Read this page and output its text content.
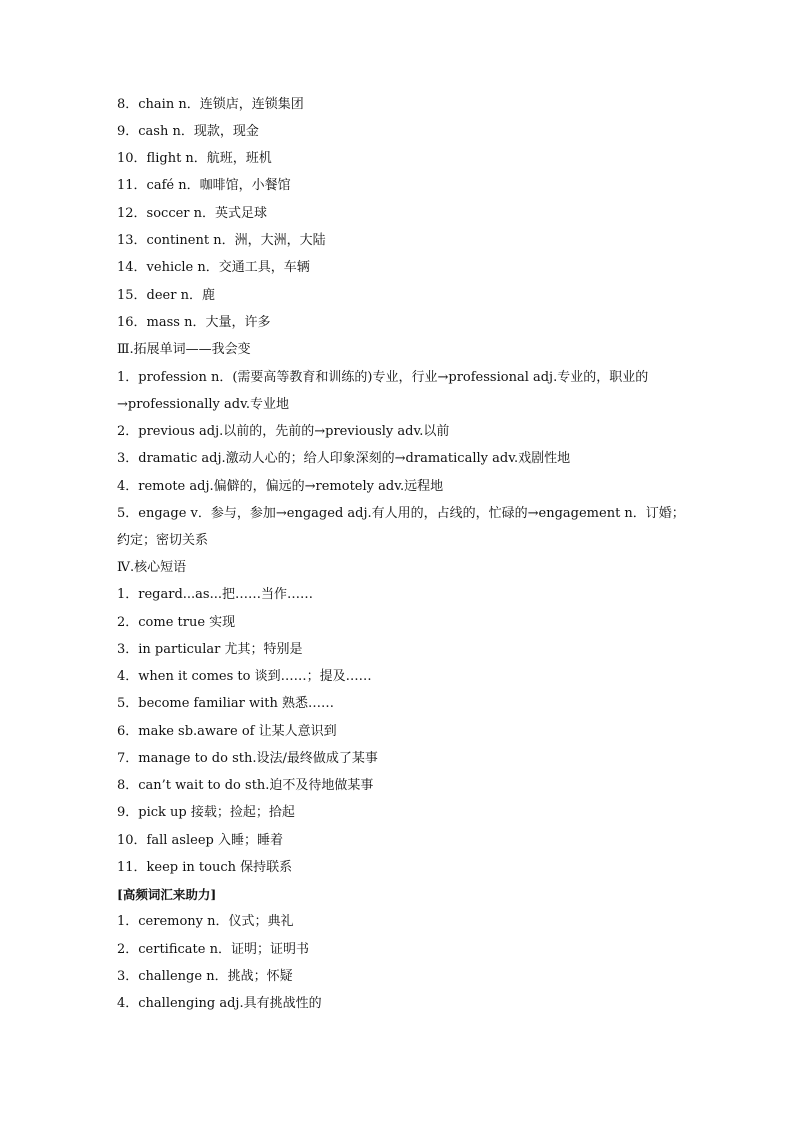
8．chain n．连锁店，连锁集团
9．cash n．现款，现金
10．flight n．航班，班机
11．café n．咖啡馆，小餐馆
12．soccer n．英式足球
13．continent n．洲，大洲，大陆
14．vehicle n．交通工具，车辆
15．deer n．鹿
16．mass n．大量，许多
Ⅲ.拓展单词——我会变
1．profession n．(需要高等教育和训练的)专业，行业→professional adj.专业的，职业的
→professionally adv.专业地
2．previous adj.以前的，先前的→previously adv.以前
3．dramatic adj.激动人心的；给人印象深刻的→dramatically adv.戏剧性地
4．remote adj.偏僻的，偏远的→remotely adv.远程地
5．engage v．参与，参加→engaged adj.有人用的，占线的，忙碌的→engagement n．订婚；
约定；密切关系
Ⅳ.核心短语
1．regard...as...把……当作……
2．come true 实现
3．in particular 尤其；特别是
4．when it comes to 谈到……；提及……
5．become familiar with 熟悉……
6．make sb.aware of 让某人意识到
7．manage to do sth.设法/最终做成了某事
8．can’t wait to do sth.迫不及待地做某事
9．pick up 接载；捡起；拾起
10．fall asleep 入睡；睡着
11．keep in touch 保持联系
[高频词汇来助力]
1．ceremony n．仪式；典礼
2．certificate n．证明；证明书
3．challenge n．挑战；怀疑
4．challenging adj.具有挑战性的
